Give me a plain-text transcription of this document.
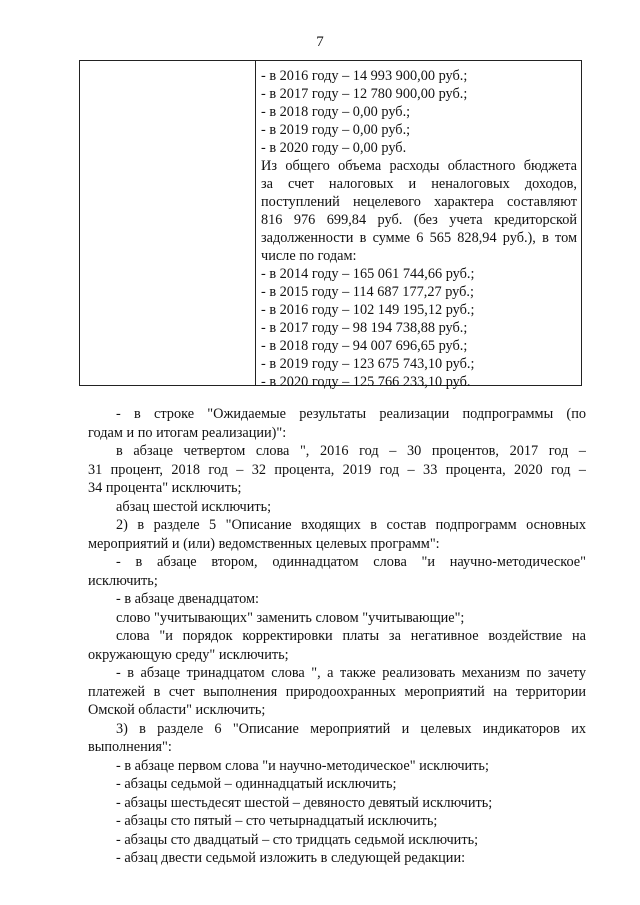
7
- в 2016 году – 14 993 900,00 руб.;
- в 2017 году – 12 780 900,00 руб.;
- в 2018 году – 0,00 руб.;
- в 2019 году – 0,00 руб.;
- в 2020 году – 0,00 руб.
Из общего объема расходы областного бюджета
за счет налоговых и неналоговых доходов,
поступлений нецелевого характера составляют
816 976 699,84 руб. (без учета кредиторской
задолженности в сумме 6 565 828,94 руб.), в том
числе по годам:
- в 2014 году – 165 061 744,66 руб.;
- в 2015 году – 114 687 177,27 руб.;
- в 2016 году – 102 149 195,12 руб.;
- в 2017 году – 98 194 738,88 руб.;
- в 2018 году – 94 007 696,65 руб.;
- в 2019 году – 123 675 743,10 руб.;
- в 2020 году – 125 766 233,10 руб.
- в строке "Ожидаемые результаты реализации подпрограммы (по
годам и по итогам реализации)":
в абзаце четвертом слова ", 2016 год – 30 процентов, 2017 год –
31 процент, 2018 год – 32 процента, 2019 год – 33 процента, 2020 год –
34 процента" исключить;
абзац шестой исключить;
2) в разделе 5 "Описание входящих в состав подпрограмм основных
мероприятий и (или) ведомственных целевых программ":
- в абзаце втором, одиннадцатом слова "и научно-методическое"
исключить;
- в абзаце двенадцатом:
слово "учитывающих" заменить словом "учитывающие";
слова "и порядок корректировки платы за негативное воздействие на
окружающую среду" исключить;
- в абзаце тринадцатом слова ", а также реализовать механизм по зачету
платежей в счет выполнения природоохранных мероприятий на территории
Омской области" исключить;
3) в разделе 6 "Описание мероприятий и целевых индикаторов их
выполнения":
- в абзаце первом слова "и научно-методическое" исключить;
- абзацы седьмой – одиннадцатый исключить;
- абзацы шестьдесят шестой – девяносто девятый исключить;
- абзацы сто пятый – сто четырнадцатый исключить;
- абзацы сто двадцатый – сто тридцать седьмой исключить;
- абзац двести седьмой изложить в следующей редакции:
